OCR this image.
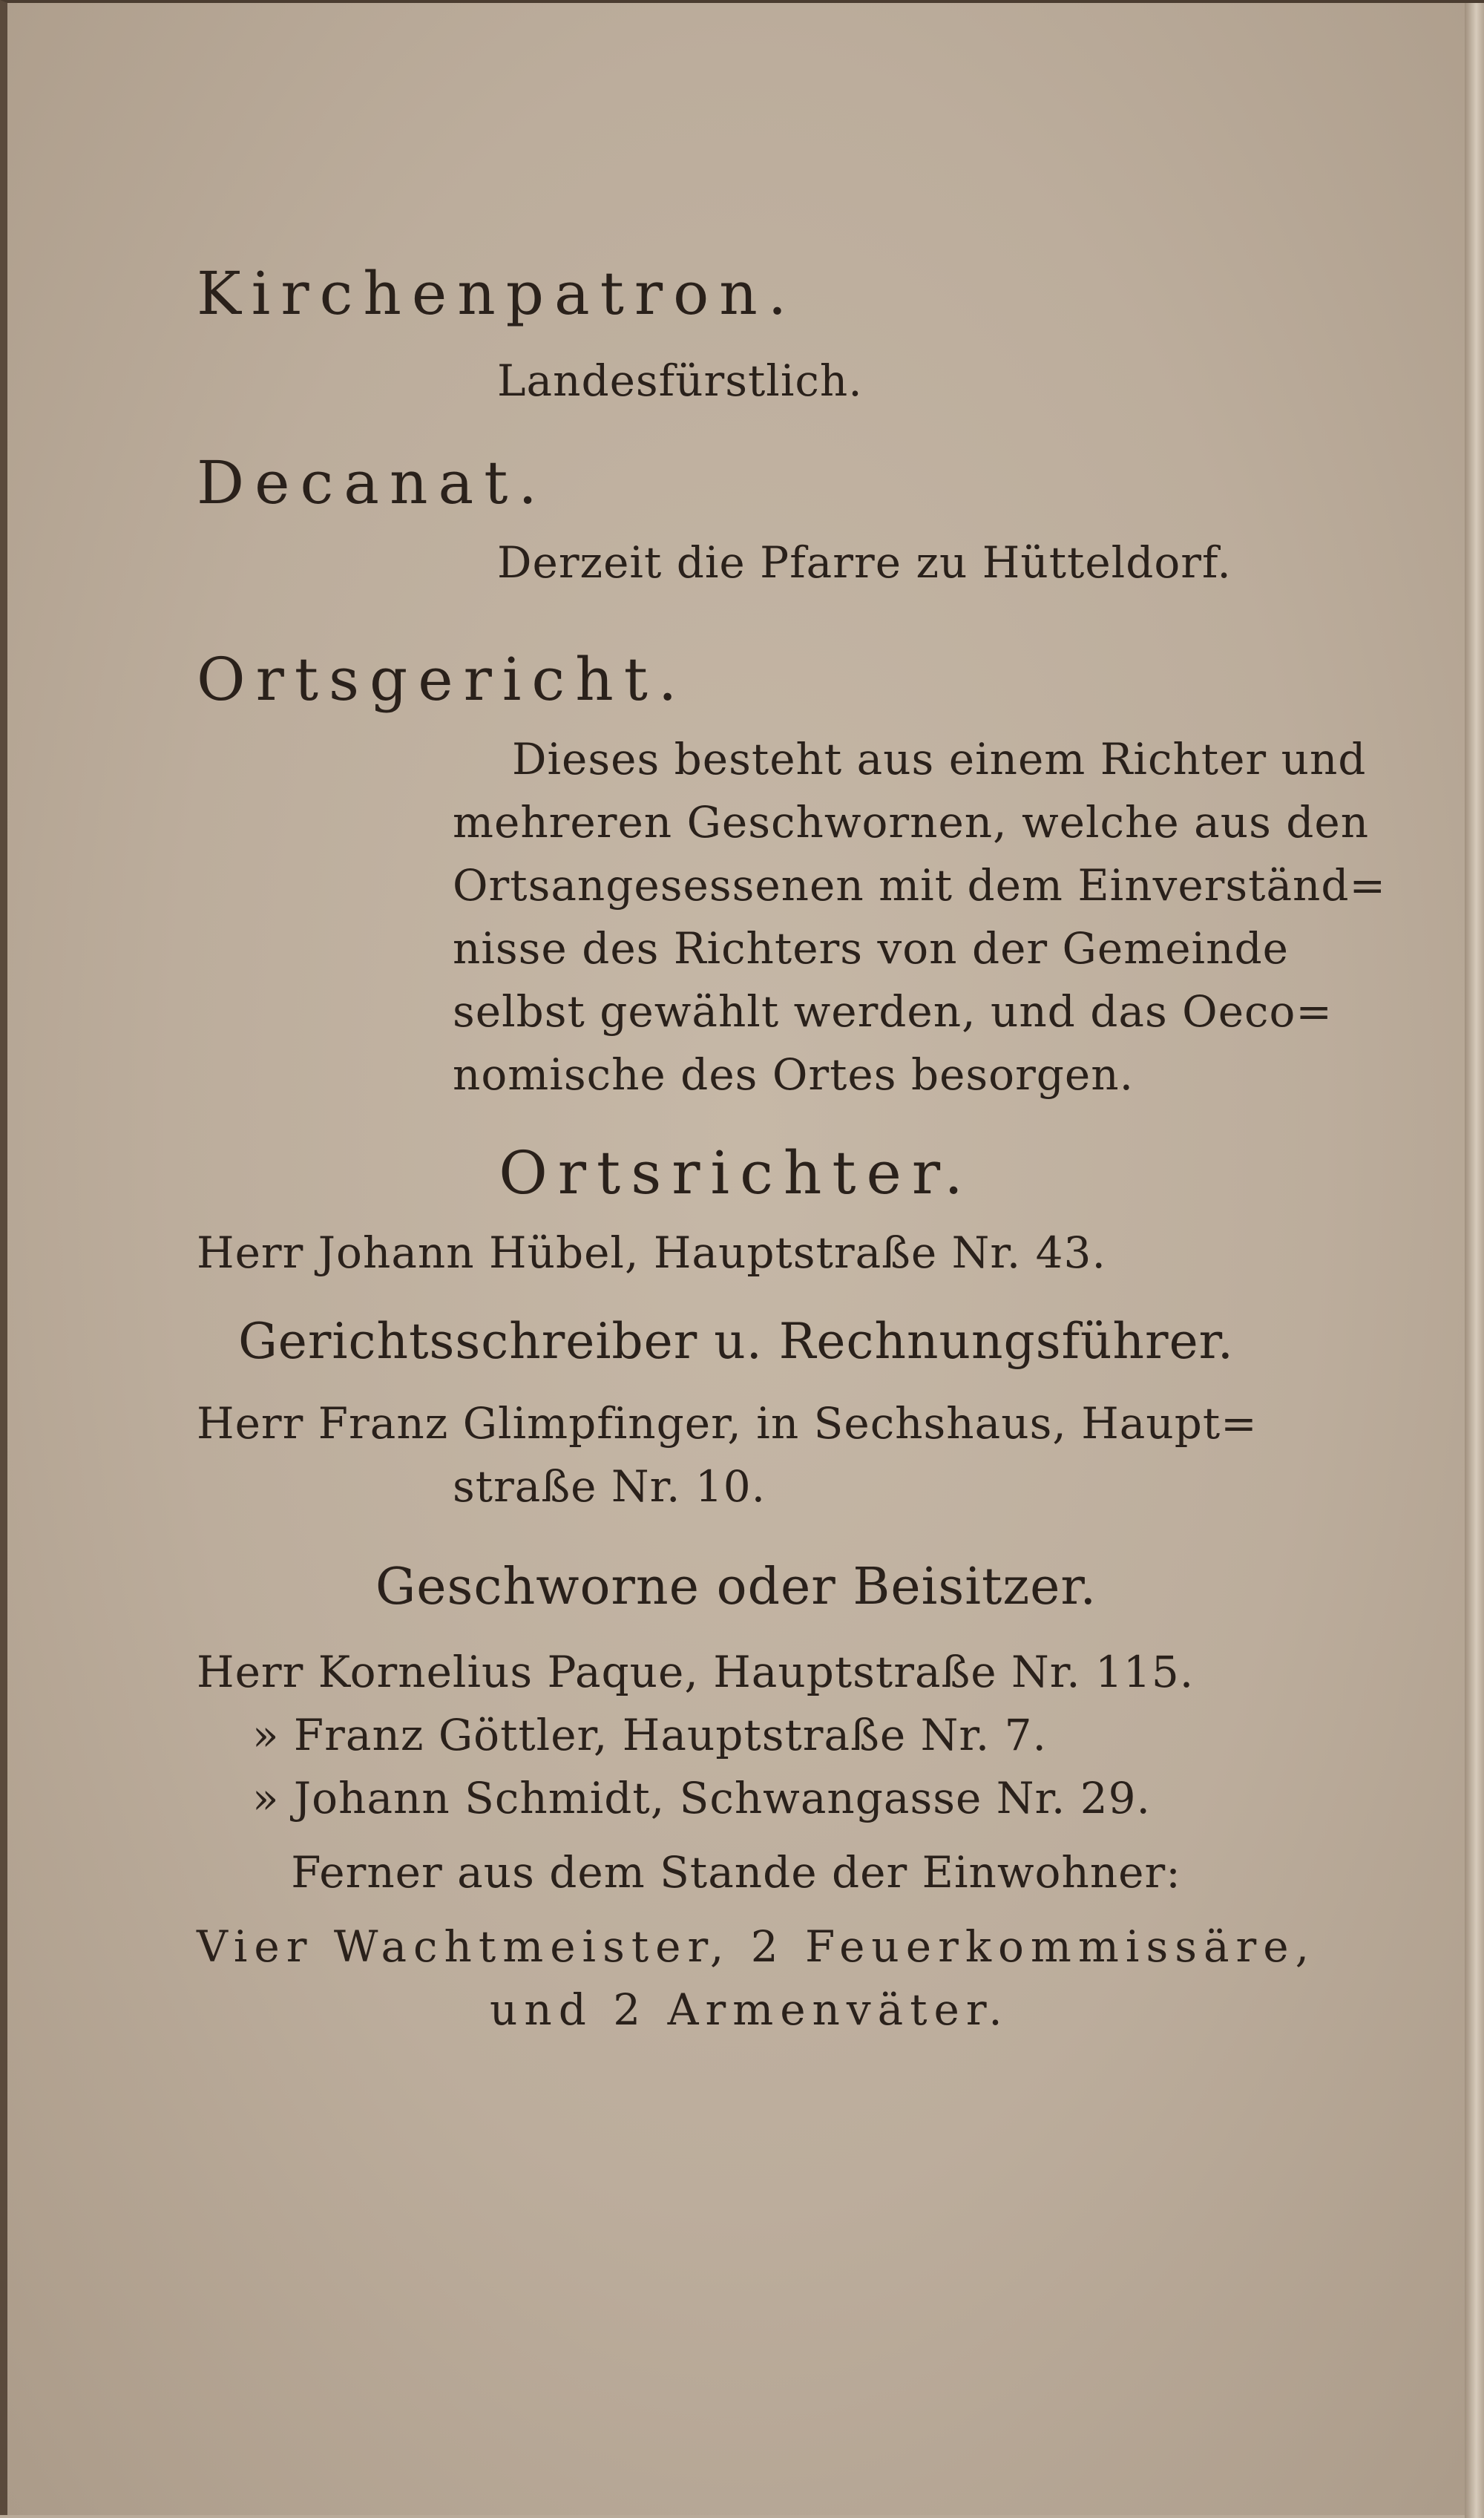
Kirchenpatron.
Landesfürstlich.
Decanat.
Derzeit die Pfarre zu Hütteldorf.
Ortsgericht.
Dieses besteht aus einem Richter und
mehreren Geschwornen, welche aus den
Ortsangesessenen mit dem Einverständ=
nisse des Richters von der Gemeinde
selbst gewählt werden, und das Oeco=
nomische des Ortes besorgen.
Ortsrichter.
Herr Johann Hübel, Hauptstraße Nr. 43.
Gerichtsschreiber u. Rechnungsführer.
Herr Franz Glimpfinger, in Sechshaus, Haupt=
straße Nr. 10.
Geschworne oder Beisitzer.
Herr Kornelius Paque, Hauptstraße Nr. 115.
» Franz Göttler, Hauptstraße Nr. 7.
» Johann Schmidt, Schwangasse Nr. 29.
Ferner aus dem Stande der Einwohner:
Vier Wachtmeister, 2 Feuerkommissäre,
und 2 Armenväter.
